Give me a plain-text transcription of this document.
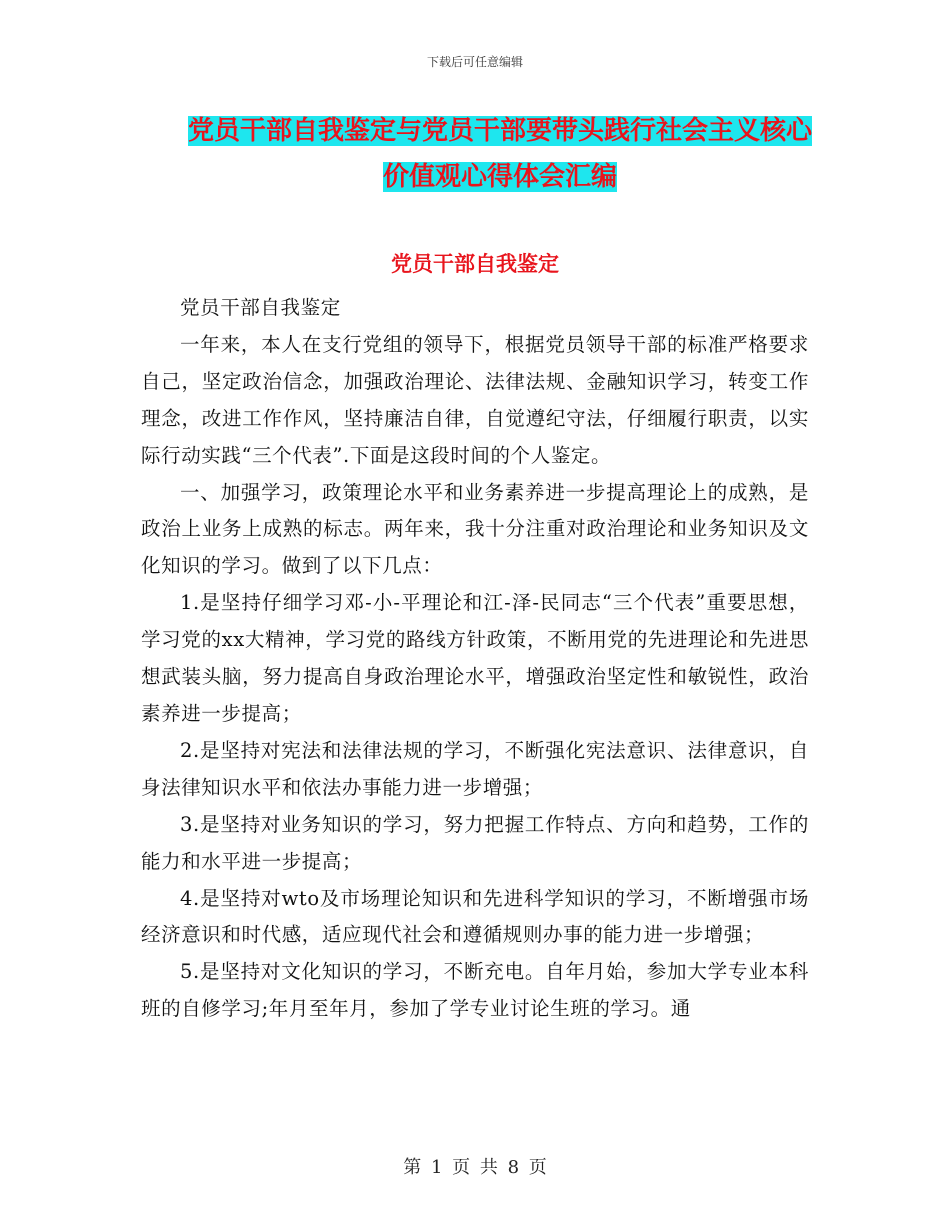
下载后可任意编辑
党员干部自我鉴定与党员干部要带头践行社会主义核心价值观心得体会汇编
党员干部自我鉴定

党员干部自我鉴定

一年来，本人在支行党组的领导下，根据党员领导干部的标准严格要求自己，坚定政治信念，加强政治理论、法律法规、金融知识学习，转变工作理念，改进工作作风，坚持廉洁自律，自觉遵纪守法，仔细履行职责，以实际行动实践“三个代表”.下面是这段时间的个人鉴定。

一、加强学习，政策理论水平和业务素养进一步提高理论上的成熟，是政治上业务上成熟的标志。两年来，我十分注重对政治理论和业务知识及文化知识的学习。做到了以下几点：

1.是坚持仔细学习邓-小-平理论和江-泽-民同志“三个代表”重要思想，学习党的xx大精神，学习党的路线方针政策，不断用党的先进理论和先进思想武装头脑，努力提高自身政治理论水平，增强政治坚定性和敏锐性，政治素养进一步提高；

2.是坚持对宪法和法律法规的学习，不断强化宪法意识、法律意识，自身法律知识水平和依法办事能力进一步增强；

3.是坚持对业务知识的学习，努力把握工作特点、方向和趋势，工作的能力和水平进一步提高；

4.是坚持对wto及市场理论知识和先进科学知识的学习，不断增强市场经济意识和时代感，适应现代社会和遵循规则办事的能力进一步增强；

5.是坚持对文化知识的学习，不断充电。自年月始，参加大学专业本科班的自修学习;年月至年月，参加了学专业讨论生班的学习。通

第 1 页 共 8 页
